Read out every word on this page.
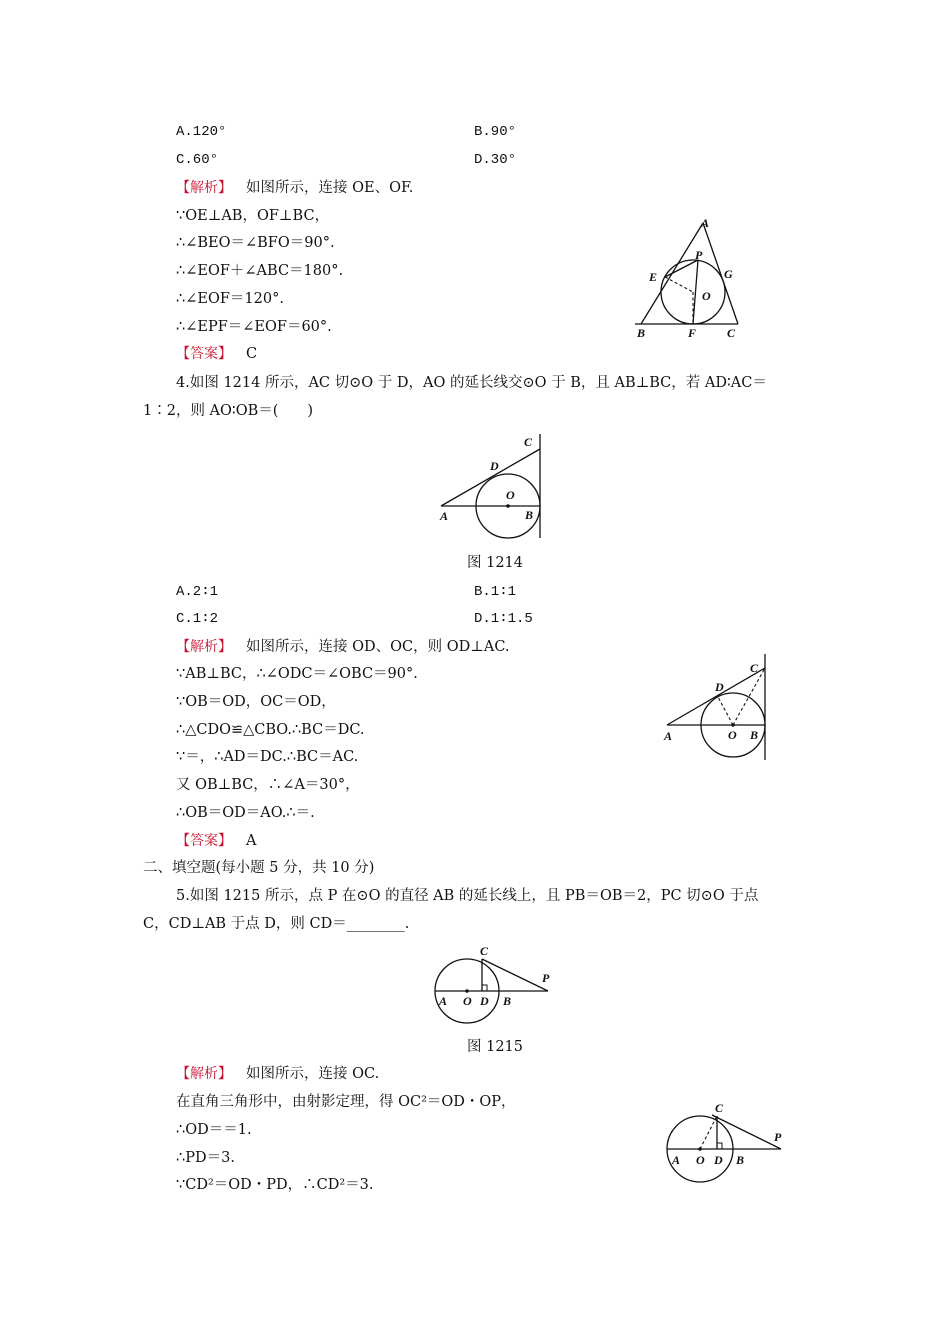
A.120°	B.90°
C.60°	D.30°
【解析】 如图所示，连接 OE、OF.
∵OE⊥AB，OF⊥BC，
∴∠BEO＝∠BFO＝90°.
∴∠EOF＋∠ABC＝180°.
∴∠EOF＝120°.
∴∠EPF＝∠EOF＝60°.
【答案】 C
A
E
P
G
O
B	F	C
4.如图 1214 所示，AC 切⊙O 于 D，AO 的延长线交⊙O 于 B，且 AB⊥BC，若 AD∶AC＝
1∶2，则 AO∶OB＝(　　)
C
D
O
A	B
图 1214
A.2∶1	B.1∶1
C.1∶2	D.1∶1.5
【解析】 如图所示，连接 OD、OC，则 OD⊥AC.
∵AB⊥BC，∴∠ODC＝∠OBC＝90°.
∵OB＝OD，OC＝OD，
∴△CDO≌△CBO.∴BC＝DC.
∵＝，∴AD＝DC.∴BC＝AC.
又 OB⊥BC，∴∠A＝30°，
∴OB＝OD＝AO.∴＝.
【答案】 A
C
D
A	O B
二、填空题(每小题 5 分，共 10 分)
5.如图 1215 所示，点 P 在⊙O 的直径 AB 的延长线上，且 PB＝OB＝2，PC 切⊙O 于点
C，CD⊥AB 于点 D，则 CD＝________.
C
P
A O D B
图 1215
【解析】 如图所示，连接 OC.
在直角三角形中，由射影定理，得 OC²＝OD・OP，
∴OD＝＝1.
∴PD＝3.
∵CD²＝OD・PD，∴CD²＝3.
C
P
A O D B
